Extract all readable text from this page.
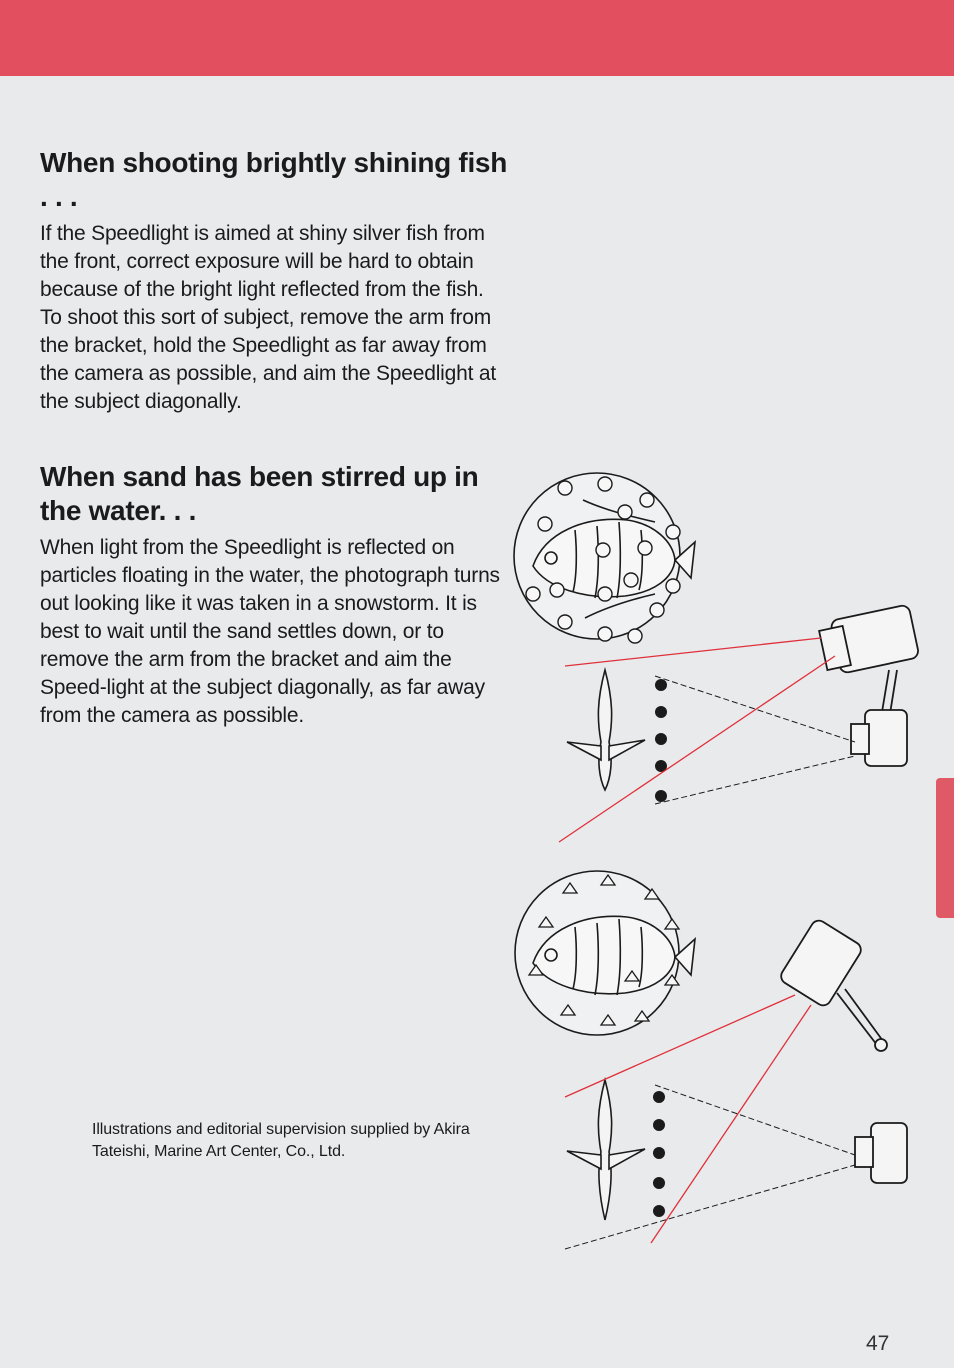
When shooting brightly shining fish . . .

If the Speedlight is aimed at shiny silver fish from the front, correct exposure will be hard to obtain because of the bright light reflected from the fish. To shoot this sort of subject, remove the arm from the bracket, hold the Speedlight as far away from the camera as possible, and aim the Speedlight at the subject diagonally.

When sand has been stirred up in the water. . .

When light from the Speedlight is reflected on particles floating in the water, the photograph turns out looking like it was taken in a snowstorm. It is best to wait until the sand settles down, or to remove the arm from the bracket and aim the Speed-light at the subject diagonally, as far away from the camera as possible.

Illustrations and editorial supervision supplied by Akira Tateishi, Marine Art Center, Co., Ltd.
47
